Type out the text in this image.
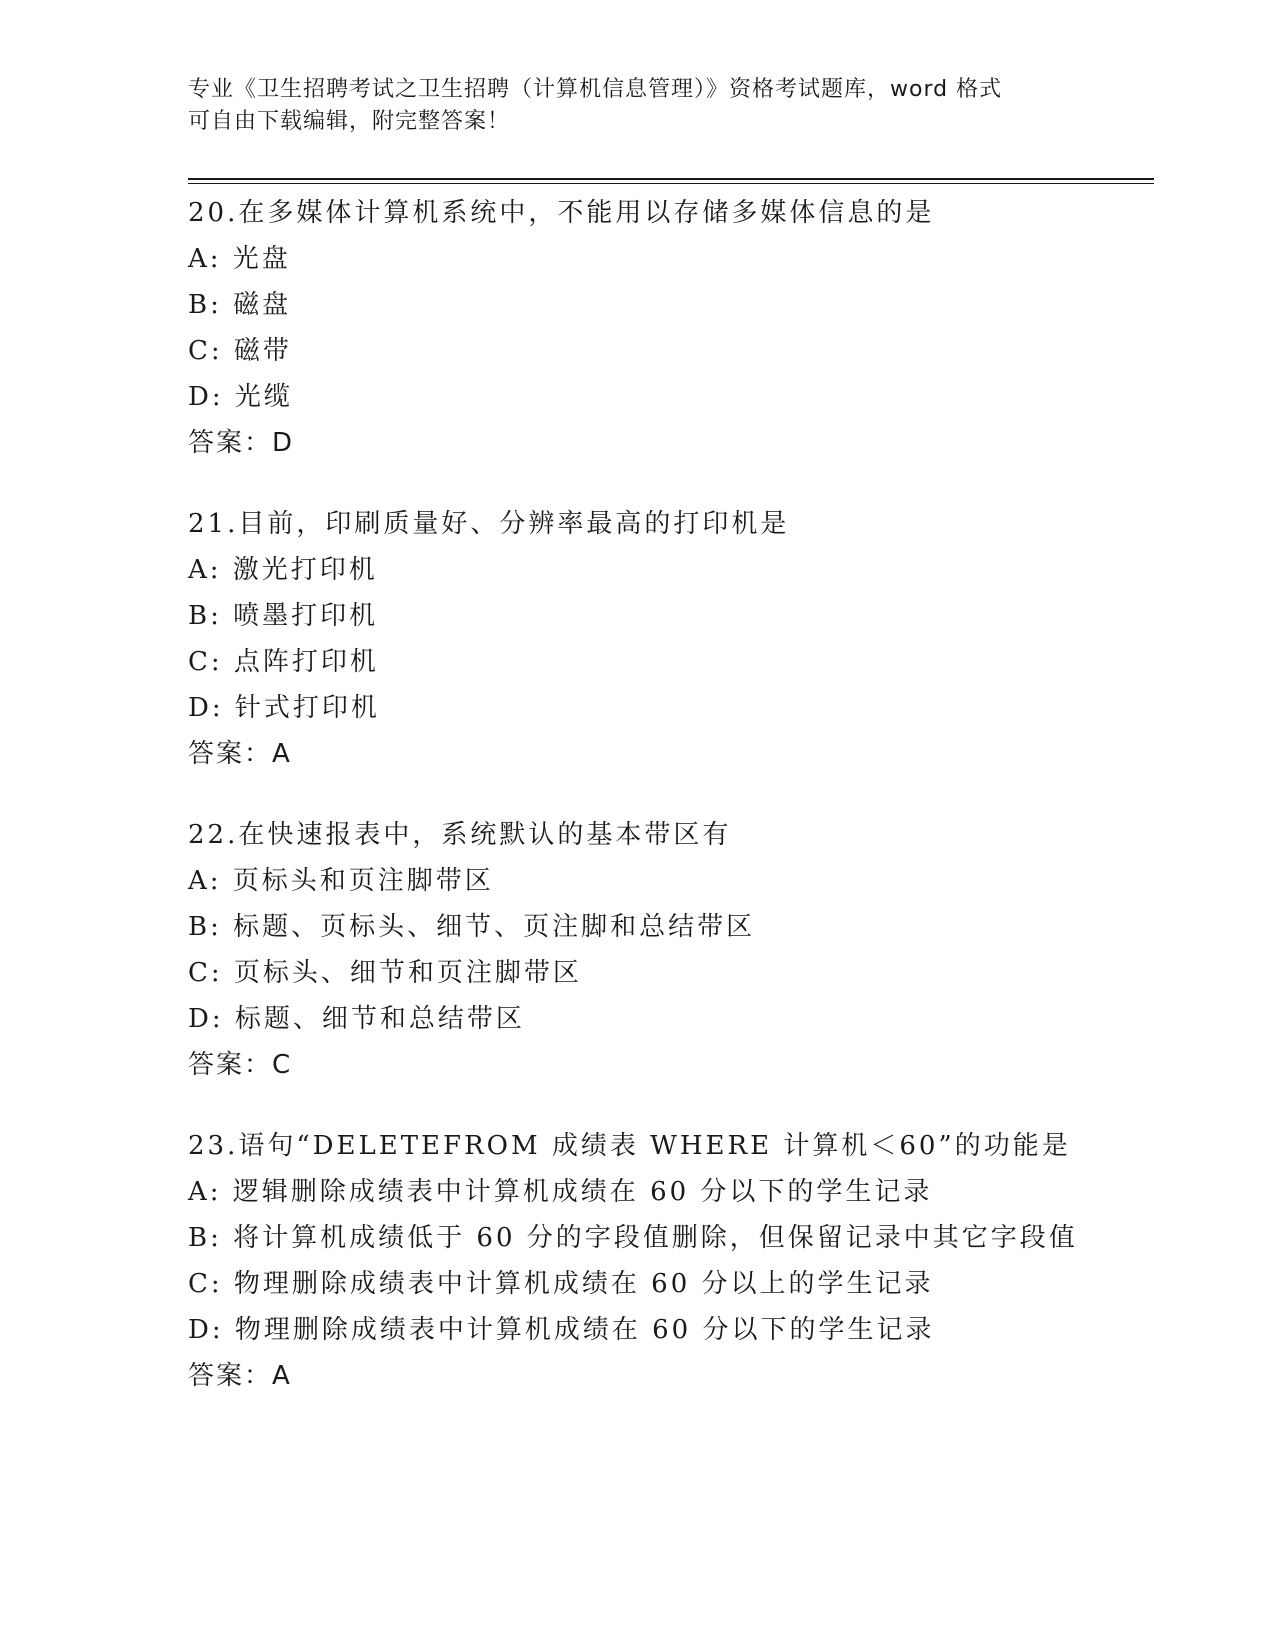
专业《卫生招聘考试之卫生招聘（计算机信息管理）》资格考试题库，word 格式
可自由下载编辑，附完整答案！
20.在多媒体计算机系统中，不能用以存储多媒体信息的是
A: 光盘
B: 磁盘
C: 磁带
D: 光缆
答案：D
21.目前，印刷质量好、分辨率最高的打印机是
A: 激光打印机
B: 喷墨打印机
C: 点阵打印机
D: 针式打印机
答案：A
22.在快速报表中，系统默认的基本带区有
A: 页标头和页注脚带区
B: 标题、页标头、细节、页注脚和总结带区
C: 页标头、细节和页注脚带区
D: 标题、细节和总结带区
答案：C
23.语句“DELETEFROM 成绩表 WHERE 计算机＜60”的功能是
A: 逻辑删除成绩表中计算机成绩在 60 分以下的学生记录
B: 将计算机成绩低于 60 分的字段值删除，但保留记录中其它字段值
C: 物理删除成绩表中计算机成绩在 60 分以上的学生记录
D: 物理删除成绩表中计算机成绩在 60 分以下的学生记录
答案：A
